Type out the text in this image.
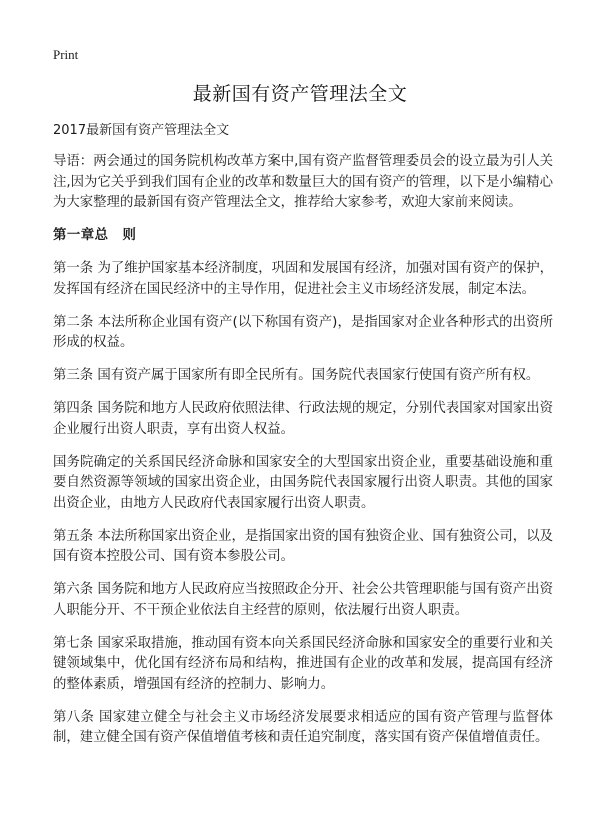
Print
最新国有资产管理法全文
2017最新国有资产管理法全文
导语：两会通过的国务院机构改革方案中,国有资产监督管理委员会的设立最为引人关注,因为它关乎到我们国有企业的改革和数量巨大的国有资产的管理，以下是小编精心为大家整理的最新国有资产管理法全文，推荐给大家参考，欢迎大家前来阅读。
第一章总　则
第一条 为了维护国家基本经济制度，巩固和发展国有经济，加强对国有资产的保护，发挥国有经济在国民经济中的主导作用，促进社会主义市场经济发展，制定本法。
第二条 本法所称企业国有资产(以下称国有资产)，是指国家对企业各种形式的出资所形成的权益。
第三条 国有资产属于国家所有即全民所有。国务院代表国家行使国有资产所有权。
第四条 国务院和地方人民政府依照法律、行政法规的规定，分别代表国家对国家出资企业履行出资人职责，享有出资人权益。
国务院确定的关系国民经济命脉和国家安全的大型国家出资企业，重要基础设施和重要自然资源等领域的国家出资企业，由国务院代表国家履行出资人职责。其他的国家出资企业，由地方人民政府代表国家履行出资人职责。
第五条 本法所称国家出资企业，是指国家出资的国有独资企业、国有独资公司，以及国有资本控股公司、国有资本参股公司。
第六条 国务院和地方人民政府应当按照政企分开、社会公共管理职能与国有资产出资人职能分开、不干预企业依法自主经营的原则，依法履行出资人职责。
第七条 国家采取措施，推动国有资本向关系国民经济命脉和国家安全的重要行业和关键领域集中，优化国有经济布局和结构，推进国有企业的改革和发展，提高国有经济的整体素质，增强国有经济的控制力、影响力。
第八条 国家建立健全与社会主义市场经济发展要求相适应的国有资产管理与监督体制，建立健全国有资产保值增值考核和责任追究制度，落实国有资产保值增值责任。
